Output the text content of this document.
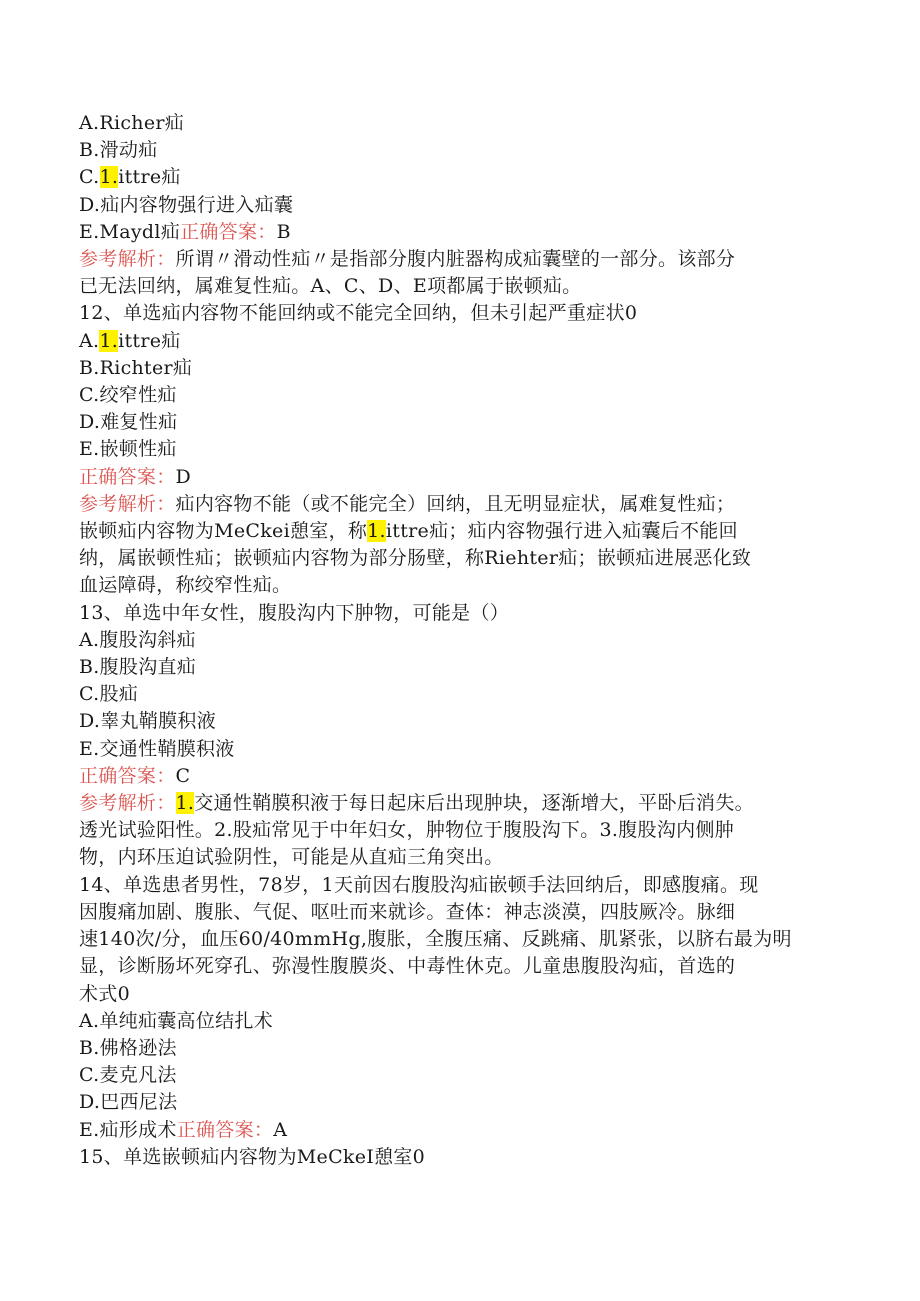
A.Richer疝
B.滑动疝
C.1.ittre疝
D.疝内容物强行进入疝囊
E.Maydl疝正确答案：B
参考解析：所谓〃滑动性疝〃是指部分腹内脏器构成疝囊壁的一部分。该部分
已无法回纳，属难复性疝。A、C、D、E项都属于嵌顿疝。
12、单选疝内容物不能回纳或不能完全回纳，但未引起严重症状0
A.1.ittre疝
B.Richter疝
C.绞窄性疝
D.难复性疝
E.嵌顿性疝
正确答案：D
参考解析：疝内容物不能（或不能完全）回纳，且无明显症状，属难复性疝；
嵌顿疝内容物为MeCkei憩室，称1.ittre疝；疝内容物强行进入疝囊后不能回
纳，属嵌顿性疝；嵌顿疝内容物为部分肠壁，称Riehter疝；嵌顿疝进展恶化致
血运障碍，称绞窄性疝。
13、单选中年女性，腹股沟内下肿物，可能是（）
A.腹股沟斜疝
B.腹股沟直疝
C.股疝
D.睾丸鞘膜积液
E.交通性鞘膜积液
正确答案：C
参考解析：1.交通性鞘膜积液于每日起床后出现肿块，逐渐增大，平卧后消失。
透光试验阳性。2.股疝常见于中年妇女，肿物位于腹股沟下。3.腹股沟内侧肿
物，内环压迫试验阴性，可能是从直疝三角突出。
14、单选患者男性，78岁，1天前因右腹股沟疝嵌顿手法回纳后，即感腹痛。现
因腹痛加剧、腹胀、气促、呕吐而来就诊。查体：神志淡漠，四肢厥冷。脉细
速140次/分，血压60/40mmHg,腹胀，全腹压痛、反跳痛、肌紧张，以脐右最为明
显，诊断肠坏死穿孔、弥漫性腹膜炎、中毒性休克。儿童患腹股沟疝，首选的
术式0
A.单纯疝囊高位结扎术
B.佛格逊法
C.麦克凡法
D.巴西尼法
E.疝形成术正确答案：A
15、单选嵌顿疝内容物为MeCkeI憩室0
